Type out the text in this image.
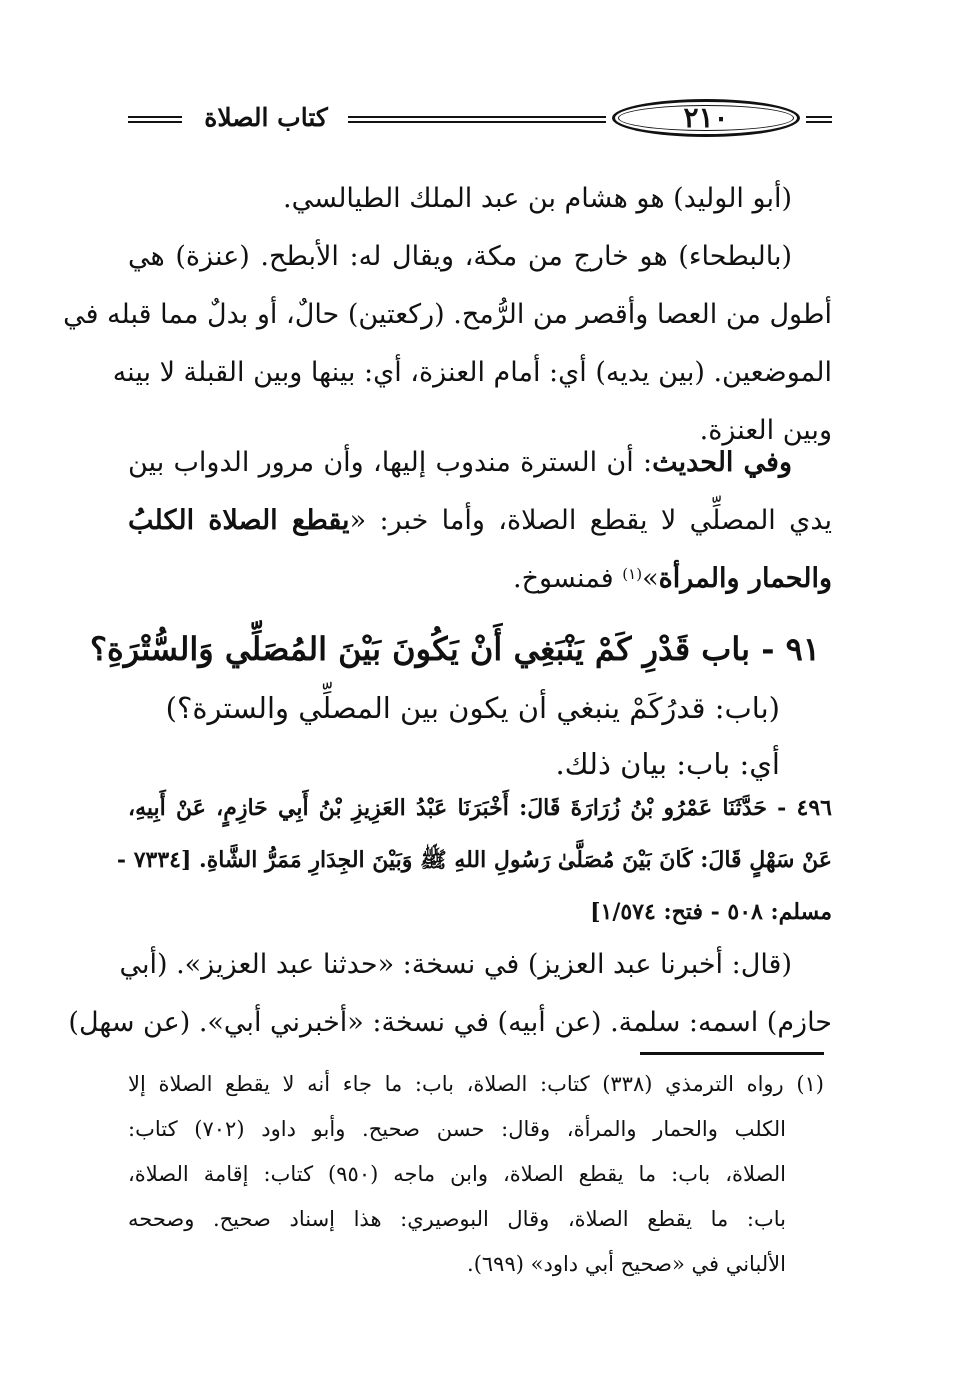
كتاب الصلاة	٢١٠

(أبو الوليد) هو هشام بن عبد الملك الطيالسي.

(بالبطحاء) هو خارج من مكة، ويقال له: الأبطح. (عنزة) هي
أطول من العصا وأقصر من الرُّمح. (ركعتين) حالٌ، أو بدلٌ مما قبله في
الموضعين. (بين يديه) أي: أمام العنزة، أي: بينها وبين القبلة لا بينه
وبين العنزة.

وفي الحديث: أن السترة مندوب إليها، وأن مرور الدواب بين
يدي المصلِّي لا يقطع الصلاة، وأما خبر: «يقطع الصلاة الكلبُ
والحمار والمرأة»$^{(١)}$ فمنسوخ.

٩١ - باب قَدْرِ كَمْ يَنْبَغِي أَنْ يَكُونَ بَيْنَ المُصَلِّي وَالسُّتْرَةِ؟
(باب: قدرُكَمْ ينبغي أن يكون بين المصلِّي والسترة؟)
أي: باب: بيان ذلك.
٤٩٦ - حَدَّثَنَا عَمْرُو بْنُ زُرَارَةَ قَالَ: أَخْبَرَنَا عَبْدُ العَزِيزِ بْنُ أَبِي حَازِمٍ، عَنْ أَبِيهِ،
عَنْ سَهْلٍ قَالَ: كَانَ بَيْنَ مُصَلَّىٰ رَسُولِ اللهِ ﷺ وَبَيْنَ الجِدَارِ مَمَرُّ الشَّاةِ. [٧٣٣٤ -
مسلم: ٥٠٨ - فتح: ١/٥٧٤]

(قال: أخبرنا عبد العزيز) في نسخة: «حدثنا عبد العزيز». (أبي
حازم) اسمه: سلمة. (عن أبيه) في نسخة: «أخبرني أبي». (عن سهل)

(١) رواه الترمذي (٣٣٨) كتاب: الصلاة، باب: ما جاء أنه لا يقطع الصلاة إلا
الكلب والحمار والمرأة، وقال: حسن صحيح. وأبو داود (٧٠٢) كتاب:
الصلاة، باب: ما يقطع الصلاة، وابن ماجه (٩٥٠) كتاب: إقامة الصلاة،
باب: ما يقطع الصلاة، وقال البوصيري: هذا إسناد صحيح. وصححه
الألباني في «صحيح أبي داود» (٦٩٩).
